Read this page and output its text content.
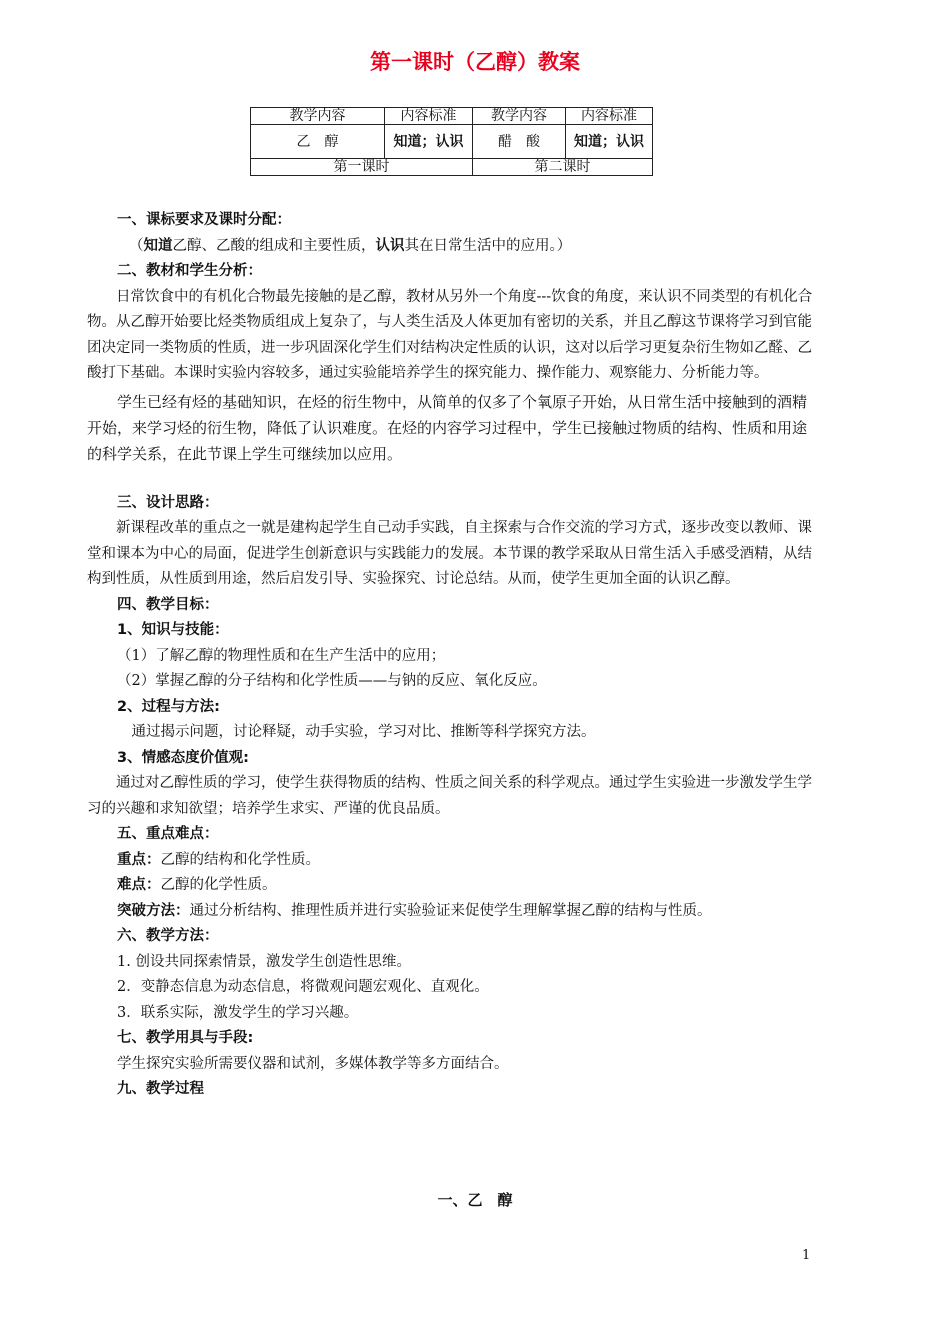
第一课时（乙醇）教案
教学内容	内容标准	教学内容	内容标准
乙　醇	知道；认识	醋　酸	知道；认识
第一课时		第二课时	

一、课标要求及课时分配：

（知道乙醇、乙酸的组成和主要性质，认识其在日常生活中的应用。）

二、教材和学生分析：

日常饮食中的有机化合物最先接触的是乙醇，教材从另外一个角度---饮食的角度，来认识不同类型的有机化合物。从乙醇开始要比烃类物质组成上复杂了，与人类生活及人体更加有密切的关系，并且乙醇这节课将学习到官能团决定同一类物质的性质，进一步巩固深化学生们对结构决定性质的认识，这对以后学习更复杂衍生物如乙醛、乙酸打下基础。本课时实验内容较多，通过实验能培养学生的探究能力、操作能力、观察能力、分析能力等。

学生已经有烃的基础知识，在烃的衍生物中，从简单的仅多了个氧原子开始，从日常生活中接触到的酒精开始，来学习烃的衍生物，降低了认识难度。在烃的内容学习过程中，学生已接触过物质的结构、性质和用途的科学关系，在此节课上学生可继续加以应用。

三、设计思路：

新课程改革的重点之一就是建构起学生自己动手实践，自主探索与合作交流的学习方式，逐步改变以教师、课堂和课本为中心的局面，促进学生创新意识与实践能力的发展。本节课的教学采取从日常生活入手感受酒精，从结构到性质，从性质到用途，然后启发引导、实验探究、讨论总结。从而，使学生更加全面的认识乙醇。

四、教学目标：

1、知识与技能：

（1）了解乙醇的物理性质和在生产生活中的应用；

（2）掌握乙醇的分子结构和化学性质——与钠的反应、氧化反应。

2、过程与方法:

通过揭示问题，讨论释疑，动手实验，学习对比、推断等科学探究方法。

3、情感态度价值观:

通过对乙醇性质的学习，使学生获得物质的结构、性质之间关系的科学观点。通过学生实验进一步激发学生学习的兴趣和求知欲望；培养学生求实、严谨的优良品质。

五、重点难点：

重点：乙醇的结构和化学性质。

难点：乙醇的化学性质。

突破方法：通过分析结构、推理性质并进行实验验证来促使学生理解掌握乙醇的结构与性质。

六、教学方法：

1. 创设共同探索情景，激发学生创造性思维。

2．变静态信息为动态信息，将微观问题宏观化、直观化。

3．联系实际，激发学生的学习兴趣。

七、教学用具与手段:

学生探究实验所需要仪器和试剂，多媒体教学等多方面结合。

九、教学过程

一、乙　醇
1
